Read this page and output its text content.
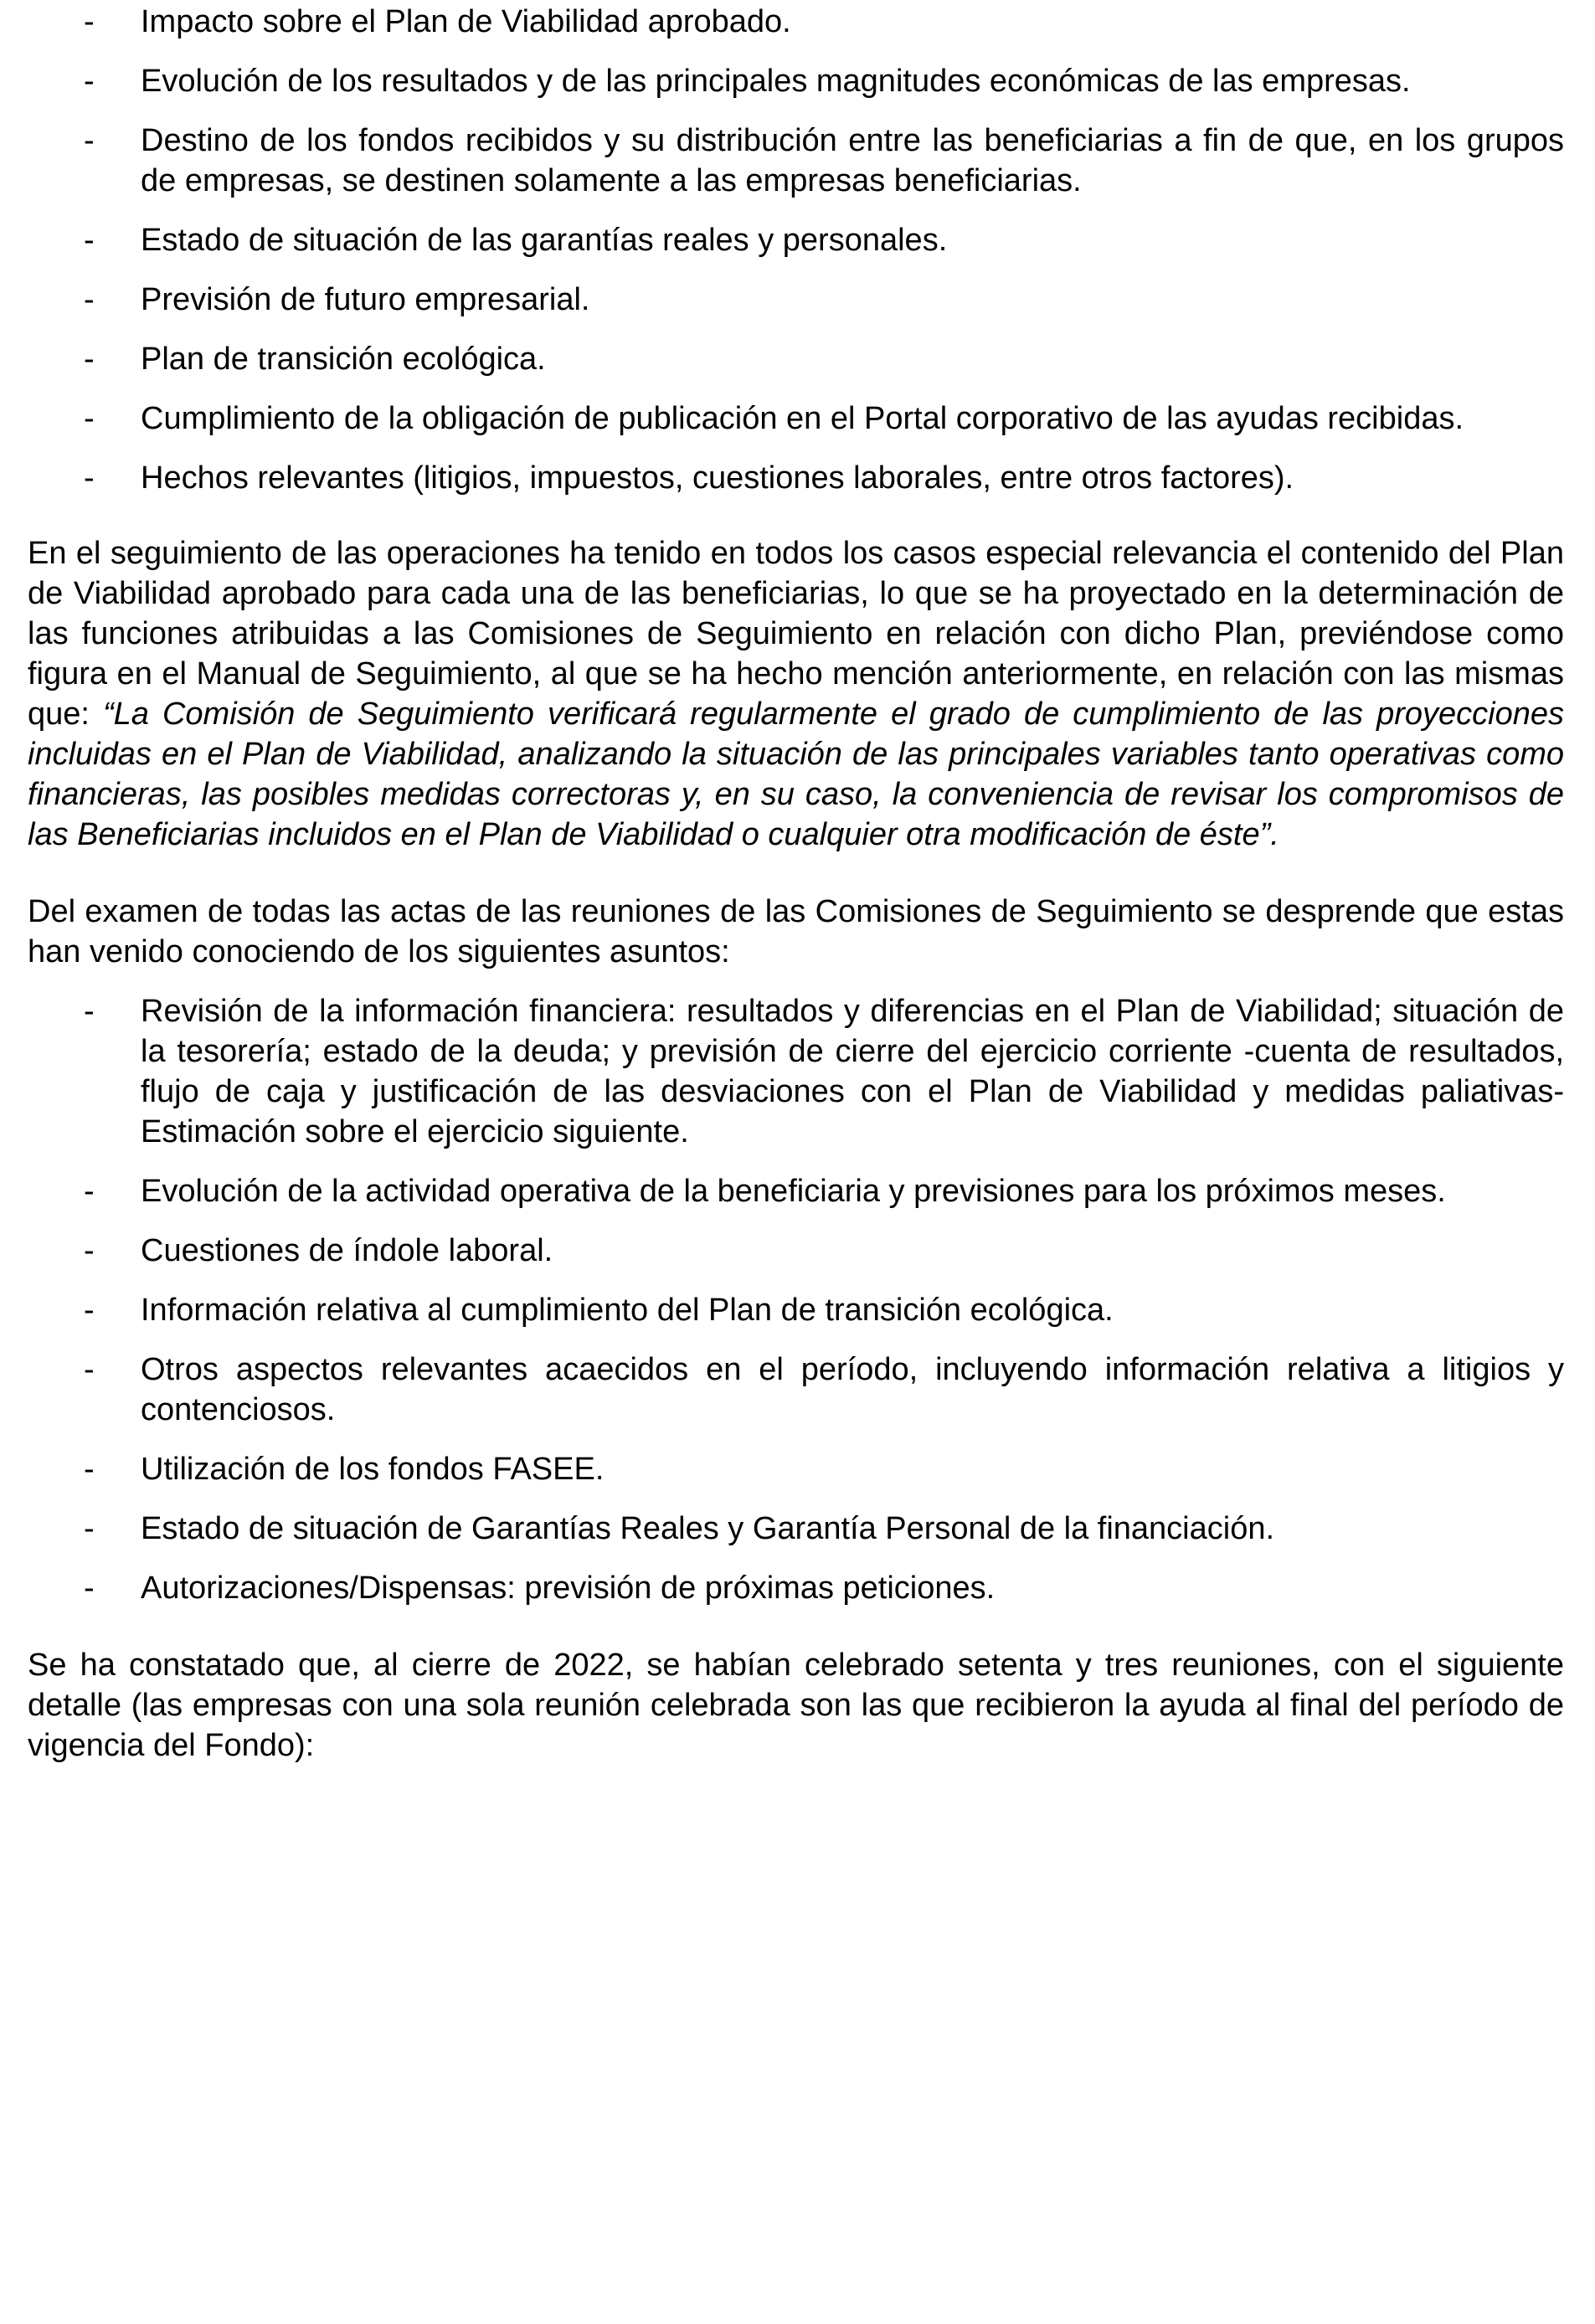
- Impacto sobre el Plan de Viabilidad aprobado.
- Evolución de los resultados y de las principales magnitudes económicas de las empresas.
- Destino de los fondos recibidos y su distribución entre las beneficiarias a fin de que, en los grupos de empresas, se destinen solamente a las empresas beneficiarias.
- Estado de situación de las garantías reales y personales.
- Previsión de futuro empresarial.
- Plan de transición ecológica.
- Cumplimiento de la obligación de publicación en el Portal corporativo de las ayudas recibidas.
- Hechos relevantes (litigios, impuestos, cuestiones laborales, entre otros factores).

En el seguimiento de las operaciones ha tenido en todos los casos especial relevancia el contenido del Plan de Viabilidad aprobado para cada una de las beneficiarias, lo que se ha proyectado en la determinación de las funciones atribuidas a las Comisiones de Seguimiento en relación con dicho Plan, previéndose como figura en el Manual de Seguimiento, al que se ha hecho mención anteriormente, en relación con las mismas que: “La Comisión de Seguimiento verificará regularmente el grado de cumplimiento de las proyecciones incluidas en el Plan de Viabilidad, analizando la situación de las principales variables tanto operativas como financieras, las posibles medidas correctoras y, en su caso, la conveniencia de revisar los compromisos de las Beneficiarias incluidos en el Plan de Viabilidad o cualquier otra modificación de éste”.

Del examen de todas las actas de las reuniones de las Comisiones de Seguimiento se desprende que estas han venido conociendo de los siguientes asuntos:

- Revisión de la información financiera: resultados y diferencias en el Plan de Viabilidad; situación de la tesorería; estado de la deuda; y previsión de cierre del ejercicio corriente -cuenta de resultados, flujo de caja y justificación de las desviaciones con el Plan de Viabilidad y medidas paliativas- Estimación sobre el ejercicio siguiente.
- Evolución de la actividad operativa de la beneficiaria y previsiones para los próximos meses.
- Cuestiones de índole laboral.
- Información relativa al cumplimiento del Plan de transición ecológica.
- Otros aspectos relevantes acaecidos en el período, incluyendo información relativa a litigios y contenciosos.
- Utilización de los fondos FASEE.
- Estado de situación de Garantías Reales y Garantía Personal de la financiación.
- Autorizaciones/Dispensas: previsión de próximas peticiones.

Se ha constatado que, al cierre de 2022, se habían celebrado setenta y tres reuniones, con el siguiente detalle (las empresas con una sola reunión celebrada son las que recibieron la ayuda al final del período de vigencia del Fondo):
